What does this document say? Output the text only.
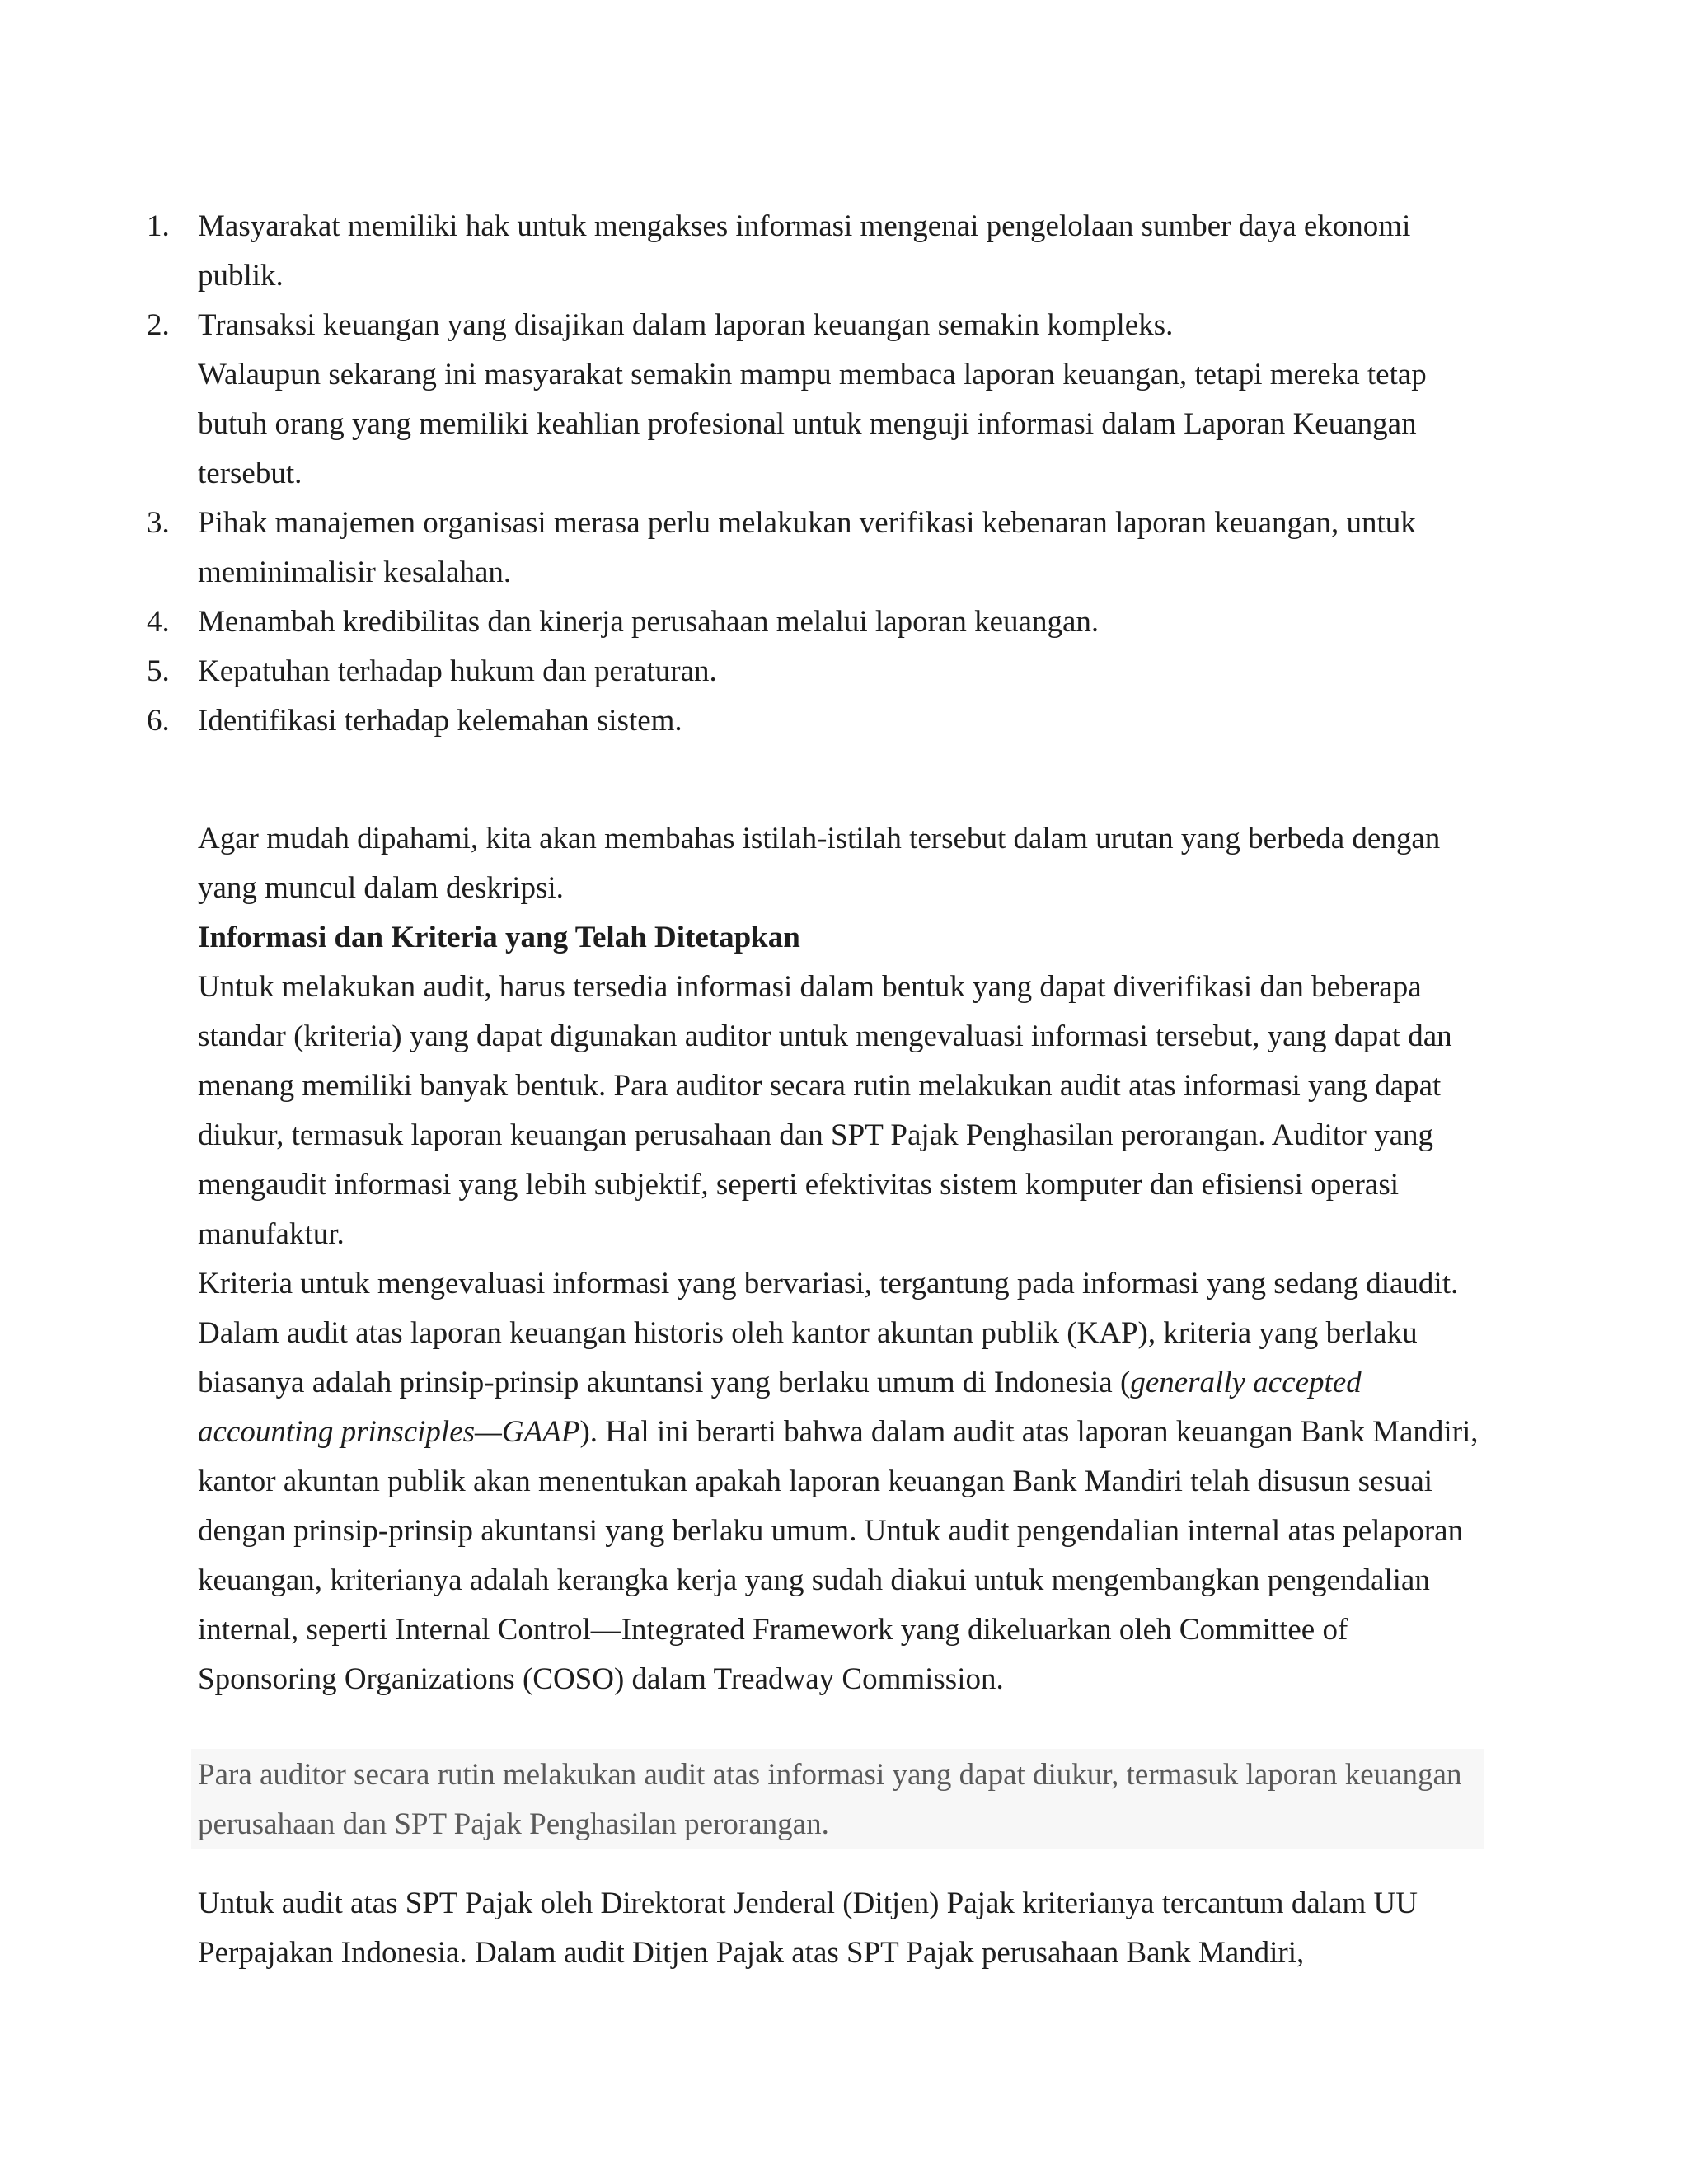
1. Masyarakat memiliki hak untuk mengakses informasi mengenai pengelolaan sumber daya ekonomi publik.
2. Transaksi keuangan yang disajikan dalam laporan keuangan semakin kompleks.
Walaupun sekarang ini masyarakat semakin mampu membaca laporan keuangan, tetapi mereka tetap butuh orang yang memiliki keahlian profesional untuk menguji informasi dalam Laporan Keuangan tersebut.
3. Pihak manajemen organisasi merasa perlu melakukan verifikasi kebenaran laporan keuangan, untuk meminimalisir kesalahan.
4. Menambah kredibilitas dan kinerja perusahaan melalui laporan keuangan.
5. Kepatuhan terhadap hukum dan peraturan.
6. Identifikasi terhadap kelemahan sistem.

Agar mudah dipahami, kita akan membahas istilah-istilah tersebut dalam urutan yang berbeda dengan yang muncul dalam deskripsi.

Informasi dan Kriteria yang Telah Ditetapkan

Untuk melakukan audit, harus tersedia informasi dalam bentuk yang dapat diverifikasi dan beberapa standar (kriteria) yang dapat digunakan auditor untuk mengevaluasi informasi tersebut, yang dapat dan menang memiliki banyak bentuk. Para auditor secara rutin melakukan audit atas informasi yang dapat diukur, termasuk laporan keuangan perusahaan dan SPT Pajak Penghasilan perorangan. Auditor yang mengaudit informasi yang lebih subjektif, seperti efektivitas sistem komputer dan efisiensi operasi manufaktur.

Kriteria untuk mengevaluasi informasi yang bervariasi, tergantung pada informasi yang sedang diaudit. Dalam audit atas laporan keuangan historis oleh kantor akuntan publik (KAP), kriteria yang berlaku biasanya adalah prinsip-prinsip akuntansi yang berlaku umum di Indonesia (generally accepted accounting prinsciples—GAAP). Hal ini berarti bahwa dalam audit atas laporan keuangan Bank Mandiri, kantor akuntan publik akan menentukan apakah laporan keuangan Bank Mandiri telah disusun sesuai dengan prinsip-prinsip akuntansi yang berlaku umum. Untuk audit pengendalian internal atas pelaporan keuangan, kriterianya adalah kerangka kerja yang sudah diakui untuk mengembangkan pengendalian internal, seperti Internal Control—Integrated Framework yang dikeluarkan oleh Committee of Sponsoring Organizations (COSO) dalam Treadway Commission.

Para auditor secara rutin melakukan audit atas informasi yang dapat diukur, termasuk laporan keuangan perusahaan dan SPT Pajak Penghasilan perorangan.

Untuk audit atas SPT Pajak oleh Direktorat Jenderal (Ditjen) Pajak kriterianya tercantum dalam UU Perpajakan Indonesia. Dalam audit Ditjen Pajak atas SPT Pajak perusahaan Bank Mandiri,
